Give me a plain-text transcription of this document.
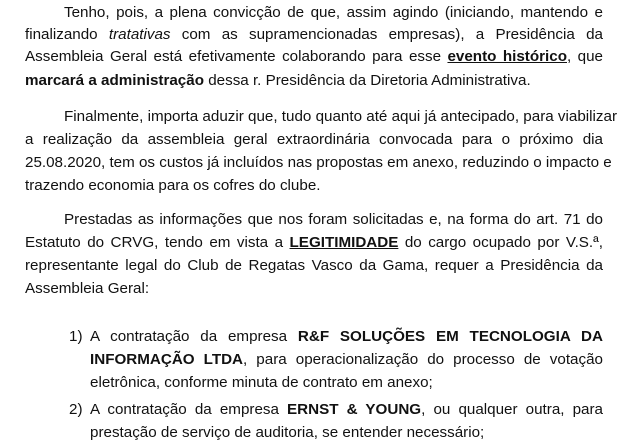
Tenho, pois, a plena convicção de que, assim agindo (iniciando, mantendo e
finalizando tratativas com as supramencionadas empresas), a Presidência da
Assembleia Geral está efetivamente colaborando para esse evento histórico, que
marcará a administração dessa r. Presidência da Diretoria Administrativa.
Finalmente, importa aduzir que, tudo quanto até aqui já antecipado, para viabilizar
a realização da assembleia geral extraordinária convocada para o próximo dia
25.08.2020, tem os custos já incluídos nas propostas em anexo, reduzindo o impacto e
trazendo economia para os cofres do clube.
Prestadas as informações que nos foram solicitadas e, na forma do art. 71 do
Estatuto do CRVG, tendo em vista a LEGITIMIDADE do cargo ocupado por V.S.ª,
representante legal do Club de Regatas Vasco da Gama, requer a Presidência da
Assembleia Geral:
1) A contratação da empresa R&F SOLUÇÕES EM TECNOLOGIA DA
INFORMAÇÃO LTDA, para operacionalização do processo de votação
eletrônica, conforme minuta de contrato em anexo;
2) A contratação da empresa ERNST & YOUNG, ou qualquer outra, para
prestação de serviço de auditoria, se entender necessário;
